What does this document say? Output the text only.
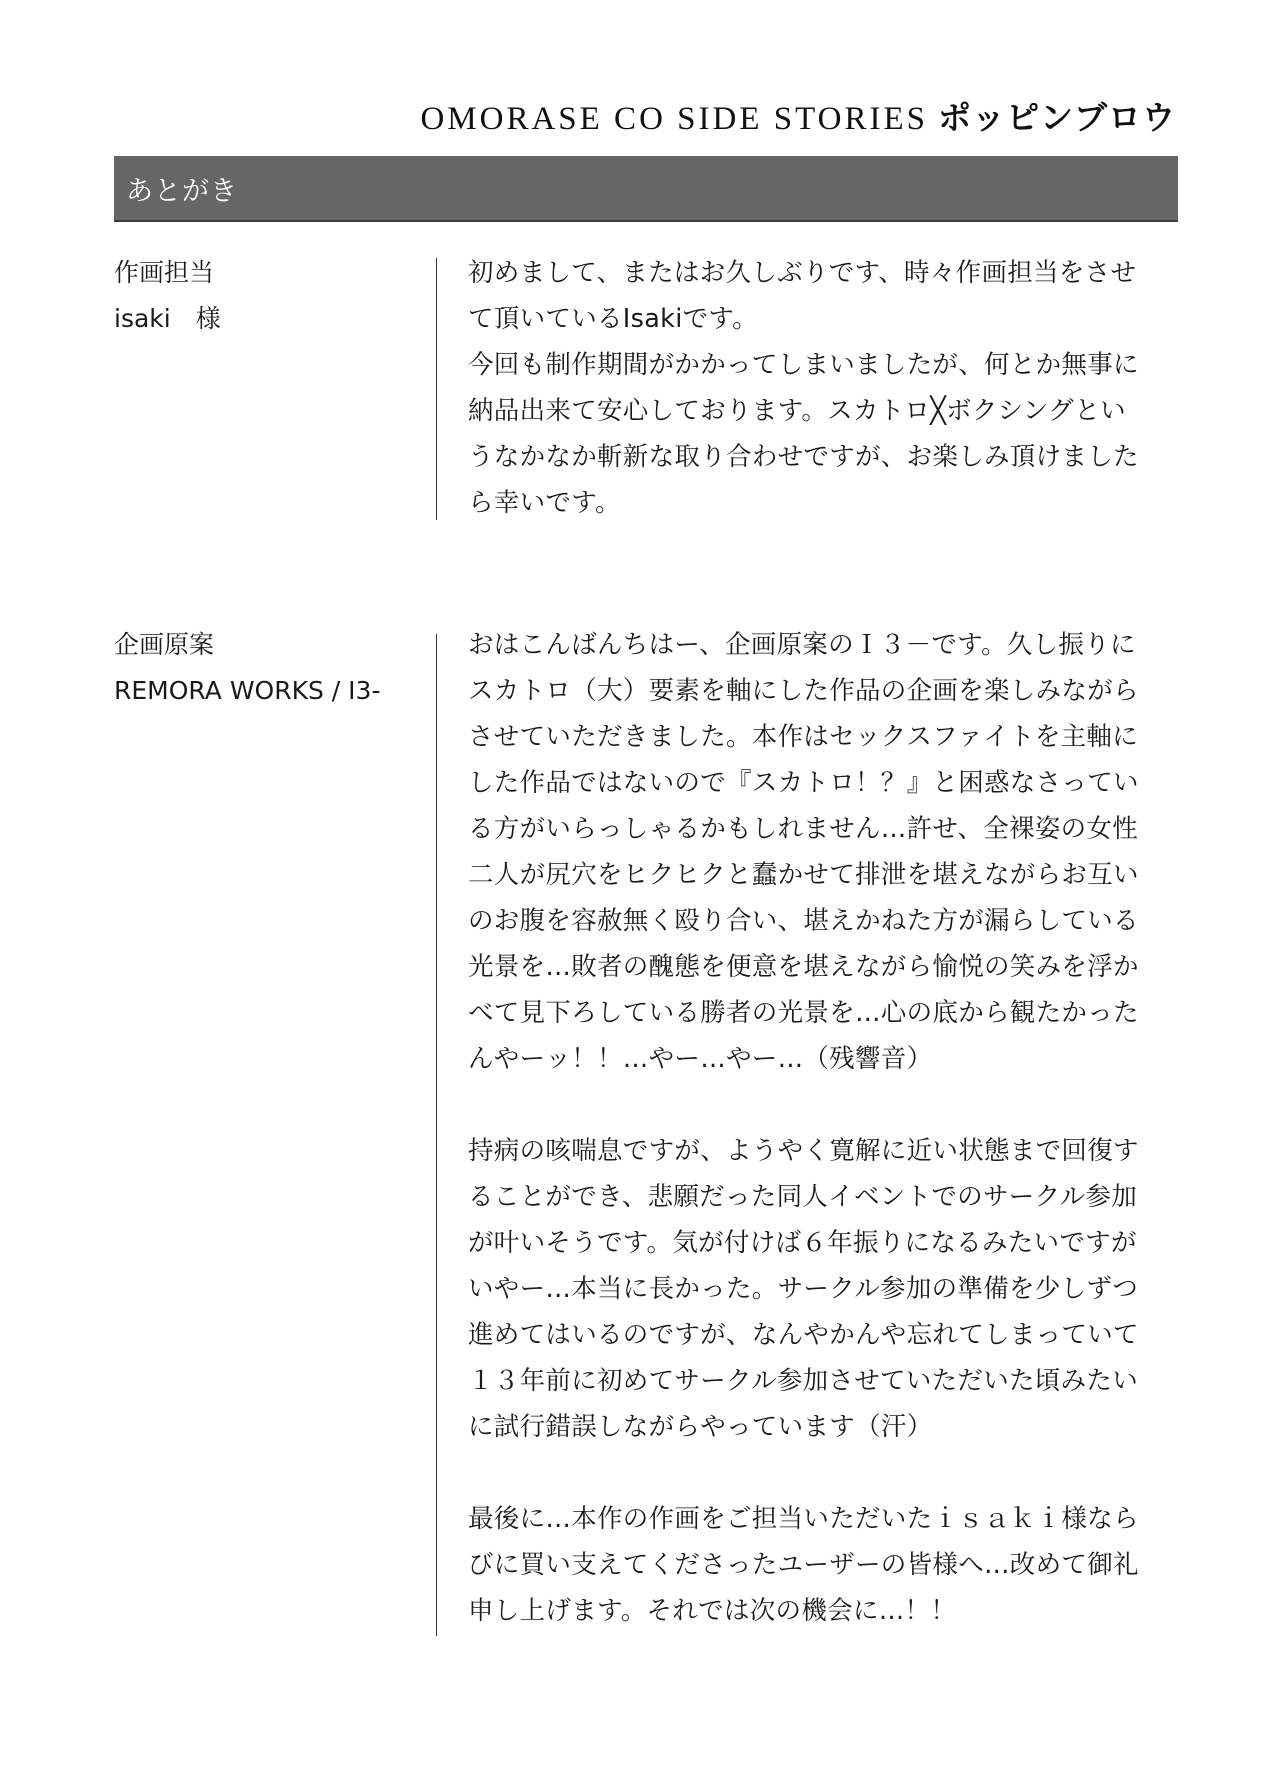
OMORASE CO SIDE STORIES ポッピンブロウ
あとがき
作画担当
isaki　様
初めまして、またはお久しぶりです、時々作画担当をさせ
て頂いているIsakiです。
今回も制作期間がかかってしまいましたが、何とか無事に
納品出来て安心しております。スカトロ╳ボクシングとい
うなかなか斬新な取り合わせですが、お楽しみ頂けました
ら幸いです。
企画原案
REMORA WORKS / I3-
おはこんばんちはー、企画原案のＩ３－です。久し振りに
スカトロ（大）要素を軸にした作品の企画を楽しみながら
させていただきました。本作はセックスファイトを主軸に
した作品ではないので『スカトロ！？』と困惑なさってい
る方がいらっしゃるかもしれません…許せ、全裸姿の女性
二人が尻穴をヒクヒクと蠢かせて排泄を堪えながらお互い
のお腹を容赦無く殴り合い、堪えかねた方が漏らしている
光景を…敗者の醜態を便意を堪えながら愉悦の笑みを浮か
べて見下ろしている勝者の光景を…心の底から観たかった
んやーッ！！…やー…やー…（残響音）
持病の咳喘息ですが、ようやく寛解に近い状態まで回復す
ることができ、悲願だった同人イベントでのサークル参加
が叶いそうです。気が付けば６年振りになるみたいですが
いやー…本当に長かった。サークル参加の準備を少しずつ
進めてはいるのですが、なんやかんや忘れてしまっていて
１３年前に初めてサークル参加させていただいた頃みたい
に試行錯誤しながらやっています（汗）
最後に…本作の作画をご担当いただいたｉｓａｋｉ様なら
びに買い支えてくださったユーザーの皆様へ…改めて御礼
申し上げます。それでは次の機会に…！！
